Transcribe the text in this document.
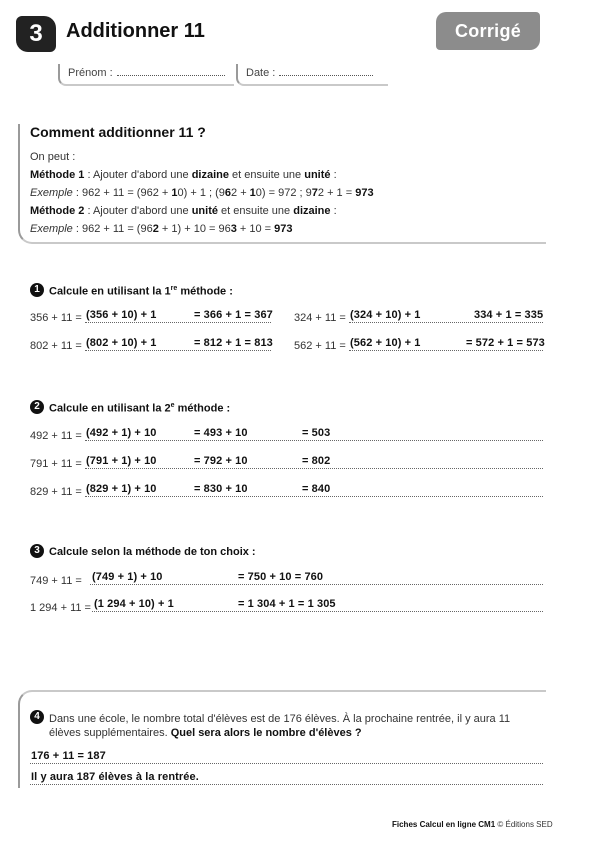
3	Additionner 11	Corrigé
Prénom :	Date :
Comment additionner 11 ?
On peut :
Méthode 1 : Ajouter d'abord une dizaine et ensuite une unité :
Exemple : 962 + 11 = (962 + 10) + 1 ; (962 + 10) = 972 ; 972 + 1 = 973
Méthode 2 : Ajouter d'abord une unité et ensuite une dizaine :
Exemple : 962 + 11 = (962 + 1) + 10 = 963 + 10 = 973
1 Calcule en utilisant la 1re méthode :
356 + 11 = (356 + 10) + 1	= 366 + 1 = 367 324 + 11 = (324 + 10) + 1	334 + 1 = 335
802 + 11 = (802 + 10) + 1	= 812 + 1 = 813 562 + 11 = (562 + 10) + 1	= 572 + 1 = 573
2 Calcule en utilisant la 2e méthode :
492 + 11 = (492 + 1) + 10	= 493 + 10	= 503
791 + 11 = (791 + 1) + 10	= 792 + 10	= 802
829 + 11 = (829 + 1) + 10	= 830 + 10	= 840
3 Calcule selon la méthode de ton choix :
749 + 11 = (749 + 1) + 10	= 750 + 10 = 760
1 294 + 11 = (1 294 + 10) + 1	= 1 304 + 1 = 1 305
4 Dans une école, le nombre total d'élèves est de 176 élèves. À la prochaine rentrée, il y aura 11
élèves supplémentaires. Quel sera alors le nombre d'élèves ?
176 + 11 = 187
Il y aura 187 élèves à la rentrée.
Fiches Calcul en ligne CM1 © Éditions SED
